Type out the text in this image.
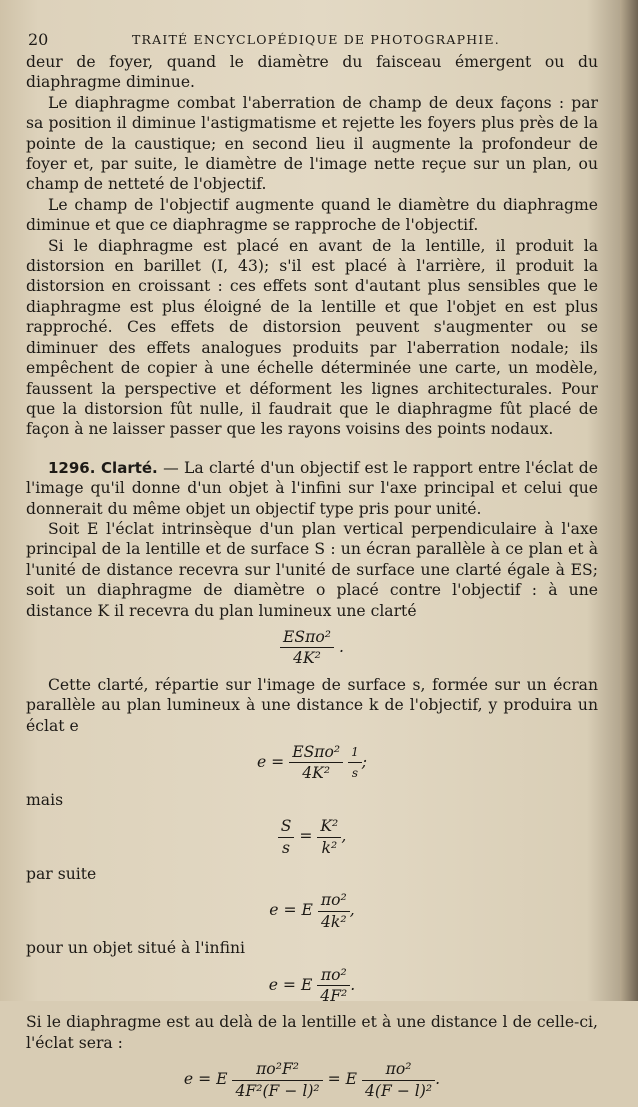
20	TRAITÉ ENCYCLOPÉDIQUE DE PHOTOGRAPHIE.

deur de foyer, quand le diamètre du faisceau émergent ou du diaphragme diminue.

Le diaphragme combat l'aberration de champ de deux façons : par sa position il diminue l'astigmatisme et rejette les foyers plus près de la pointe de la caustique; en second lieu il augmente la profondeur de foyer et, par suite, le diamètre de l'image nette reçue sur un plan, ou champ de netteté de l'objectif.

Le champ de l'objectif augmente quand le diamètre du diaphragme diminue et que ce diaphragme se rapproche de l'objectif.

Si le diaphragme est placé en avant de la lentille, il produit la distorsion en barillet (I, 43); s'il est placé à l'arrière, il produit la distorsion en croissant : ces effets sont d'autant plus sensibles que le diaphragme est plus éloigné de la lentille et que l'objet en est plus rapproché. Ces effets de distorsion peuvent s'augmenter ou se diminuer des effets analogues produits par l'aberration nodale; ils empêchent de copier à une échelle déterminée une carte, un modèle, faussent la perspective et déforment les lignes architecturales. Pour que la distorsion fût nulle, il faudrait que le diaphragme fût placé de façon à ne laisser passer que les rayons voisins des points nodaux.

1296. Clarté. — La clarté d'un objectif est le rapport entre l'éclat de l'image qu'il donne d'un objet à l'infini sur l'axe principal et celui que donnerait du même objet un objectif type pris pour unité.

Soit E l'éclat intrinsèque d'un plan vertical perpendiculaire à l'axe principal de la lentille et de surface S : un écran parallèle à ce plan et à l'unité de distance recevra sur l'unité de surface une clarté égale à ES; soit un diaphragme de diamètre o placé contre l'objectif : à une distance K il recevra du plan lumineux une clarté

$\frac{\text{ESπo²}}{\text{4K²}}$ .

Cette clarté, répartie sur l'image de surface s, formée sur un écran parallèle au plan lumineux à une distance k de l'objectif, y produira un éclat e

$e = \frac{\text{ESπo²}}{\text{4K²}}$
$\frac{1}{s}$ ;

mais

$\frac{S}{s} = \frac{\text{K²}}{\text{k²}}$ ,

par suite

e = E $\frac{\text{πo²}}{\text{4k²}}$ ,

pour un objet situé à l'infini

e = E $\frac{\text{πo²}}{\text{4F²}}$ .

Si le diaphragme est au delà de la lentille et à une distance l de celle-ci, l'éclat sera :

e = E $\frac{\text{πo²F²}}{\text{4F²(F − l)²}} = E \frac{\text{πo²}}{\text{4(F − l)²}}$ .
